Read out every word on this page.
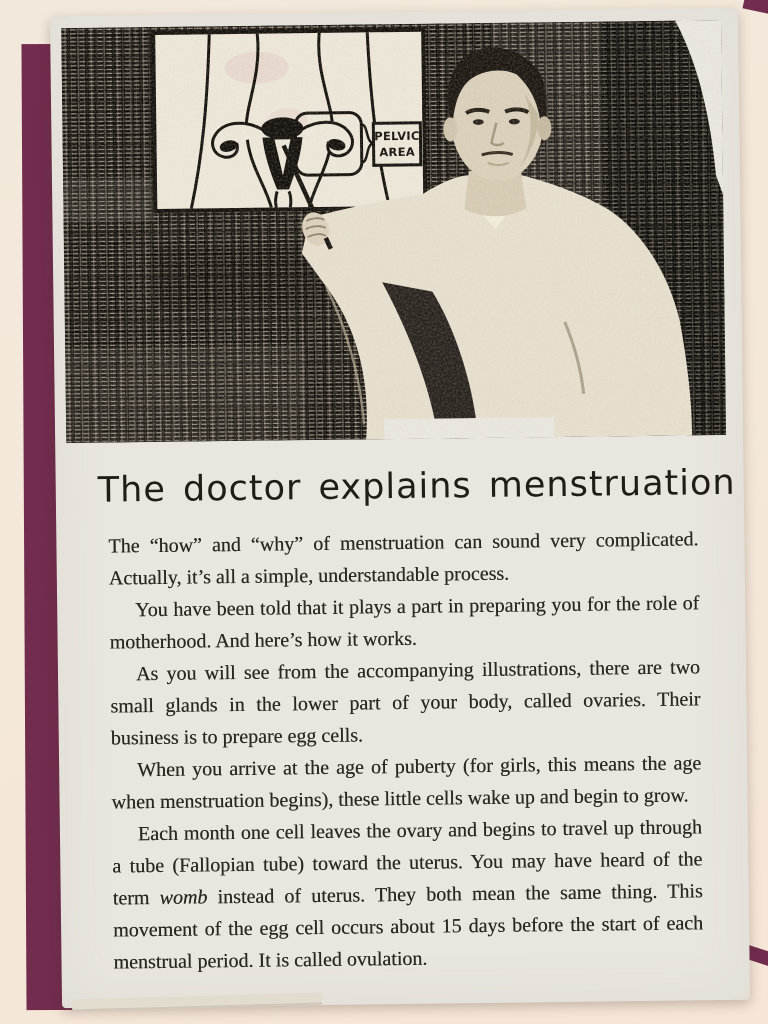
The doctor explains menstruation

The “how” and “why” of menstruation can sound very complicated. Actually, it’s all a simple, understandable process.

You have been told that it plays a part in preparing you for the role of motherhood. And here’s how it works.

As you will see from the accompanying illustrations, there are two small glands in the lower part of your body, called ovaries. Their business is to prepare egg cells.

When you arrive at the age of puberty (for girls, this means the age when menstruation begins), these little cells wake up and begin to grow.

Each month one cell leaves the ovary and begins to travel up through a tube (Fallopian tube) toward the uterus. You may have heard of the term womb instead of uterus. They both mean the same thing. This movement of the egg cell occurs about 15 days before the start of each menstrual period. It is called ovulation.
